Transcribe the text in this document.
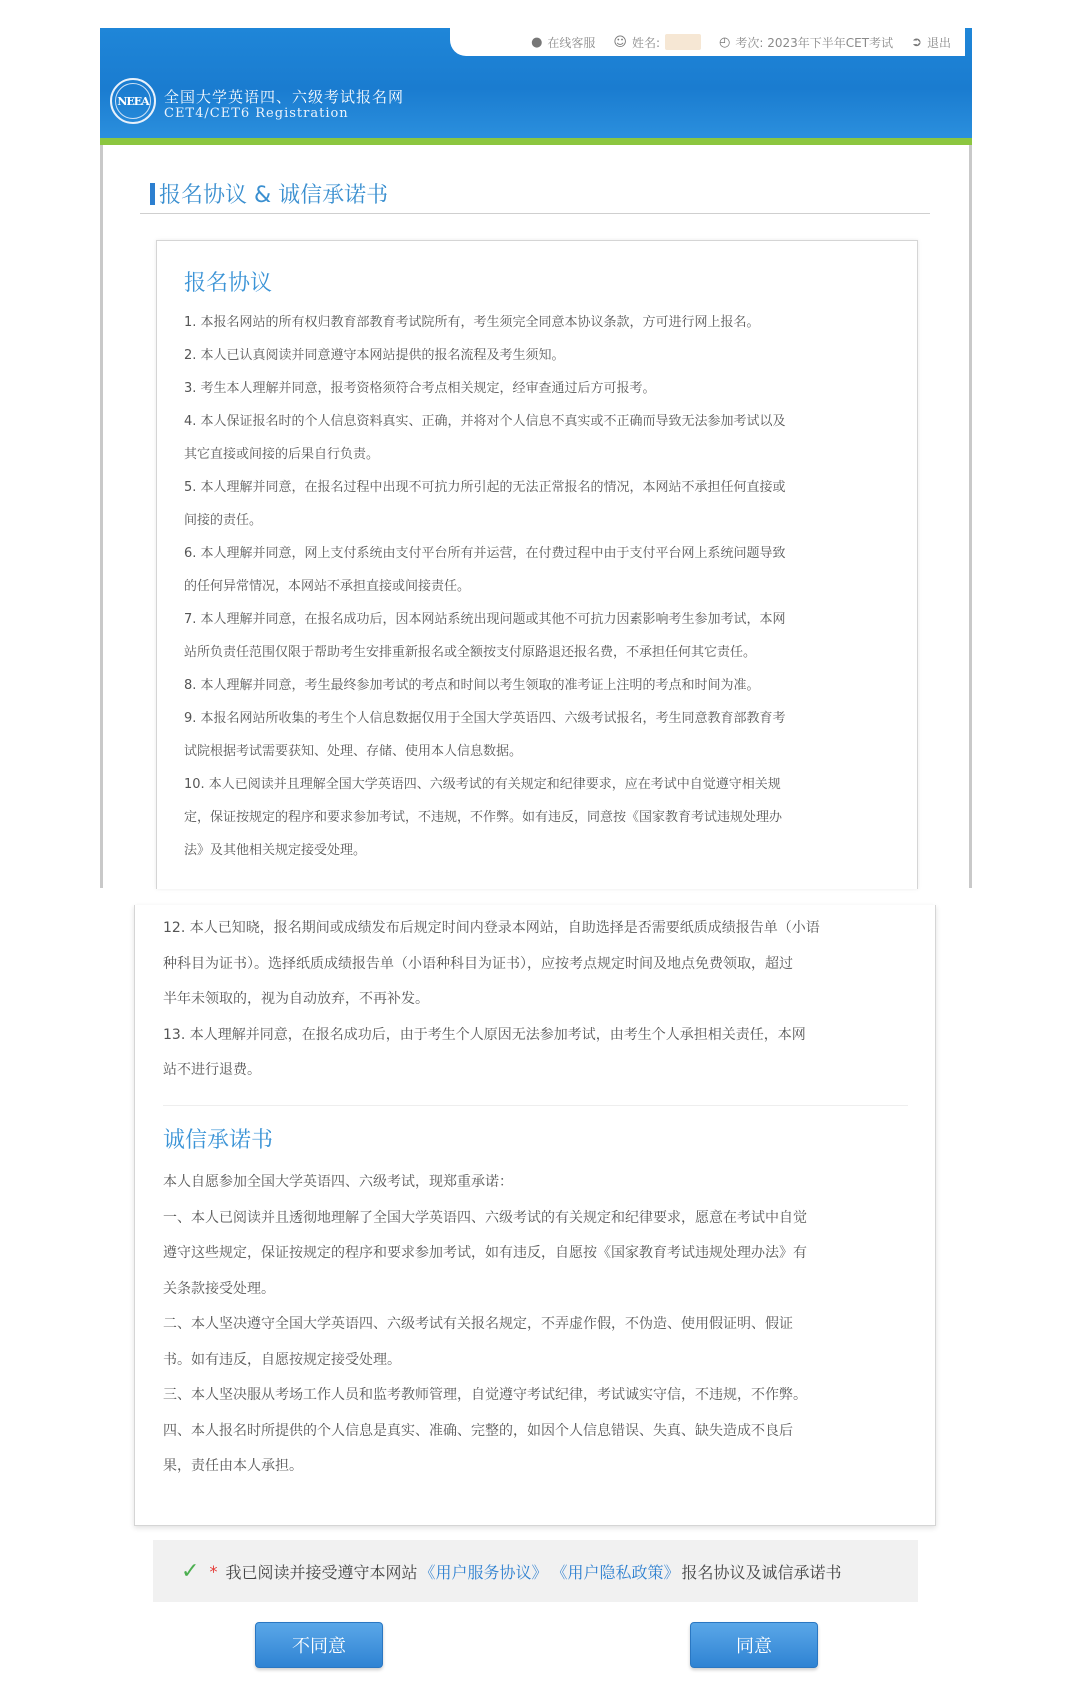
● 在线客服 ☺ 姓名:	◴ 考次: 2023年下半年CET考试 ➲ 退出
NEEA 全国大学英语四、六级考试报名网
CET4/CET6 Registration
报名协议 & 诚信承诺书
报名协议

1. 本报名网站的所有权归教育部教育考试院所有，考生须完全同意本协议条款，方可进行网上报名。

2. 本人已认真阅读并同意遵守本网站提供的报名流程及考生须知。

3. 考生本人理解并同意，报考资格须符合考点相关规定，经审查通过后方可报考。

4. 本人保证报名时的个人信息资料真实、正确，并将对个人信息不真实或不正确而导致无法参加考试以及

其它直接或间接的后果自行负责。

5. 本人理解并同意，在报名过程中出现不可抗力所引起的无法正常报名的情况，本网站不承担任何直接或

间接的责任。

6. 本人理解并同意，网上支付系统由支付平台所有并运营，在付费过程中由于支付平台网上系统问题导致

的任何异常情况，本网站不承担直接或间接责任。

7. 本人理解并同意，在报名成功后，因本网站系统出现问题或其他不可抗力因素影响考生参加考试，本网

站所负责任范围仅限于帮助考生安排重新报名或全额按支付原路退还报名费，不承担任何其它责任。

8. 本人理解并同意，考生最终参加考试的考点和时间以考生领取的准考证上注明的考点和时间为准。

9. 本报名网站所收集的考生个人信息数据仅用于全国大学英语四、六级考试报名，考生同意教育部教育考

试院根据考试需要获知、处理、存储、使用本人信息数据。

10. 本人已阅读并且理解全国大学英语四、六级考试的有关规定和纪律要求，应在考试中自觉遵守相关规

定，保证按规定的程序和要求参加考试，不违规，不作弊。如有违反，同意按《国家教育考试违规处理办

法》及其他相关规定接受处理。

12. 本人已知晓，报名期间或成绩发布后规定时间内登录本网站，自助选择是否需要纸质成绩报告单（小语

种科目为证书）。选择纸质成绩报告单（小语种科目为证书），应按考点规定时间及地点免费领取，超过

半年未领取的，视为自动放弃，不再补发。

13. 本人理解并同意，在报名成功后，由于考生个人原因无法参加考试，由考生个人承担相关责任，本网

站不进行退费。

诚信承诺书

本人自愿参加全国大学英语四、六级考试，现郑重承诺：

一、本人已阅读并且透彻地理解了全国大学英语四、六级考试的有关规定和纪律要求，愿意在考试中自觉

遵守这些规定，保证按规定的程序和要求参加考试，如有违反，自愿按《国家教育考试违规处理办法》有

关条款接受处理。

二、本人坚决遵守全国大学英语四、六级考试有关报名规定，不弄虚作假，不伪造、使用假证明、假证

书。如有违反，自愿按规定接受处理。

三、本人坚决服从考场工作人员和监考教师管理，自觉遵守考试纪律，考试诚实守信，不违规，不作弊。

四、本人报名时所提供的个人信息是真实、准确、完整的，如因个人信息错误、失真、缺失造成不良后

果，责任由本人承担。

✓ * 我已阅读并接受遵守本网站 《用户服务协议》 《用户隐私政策》 报名协议及诚信承诺书
不同意	同意
